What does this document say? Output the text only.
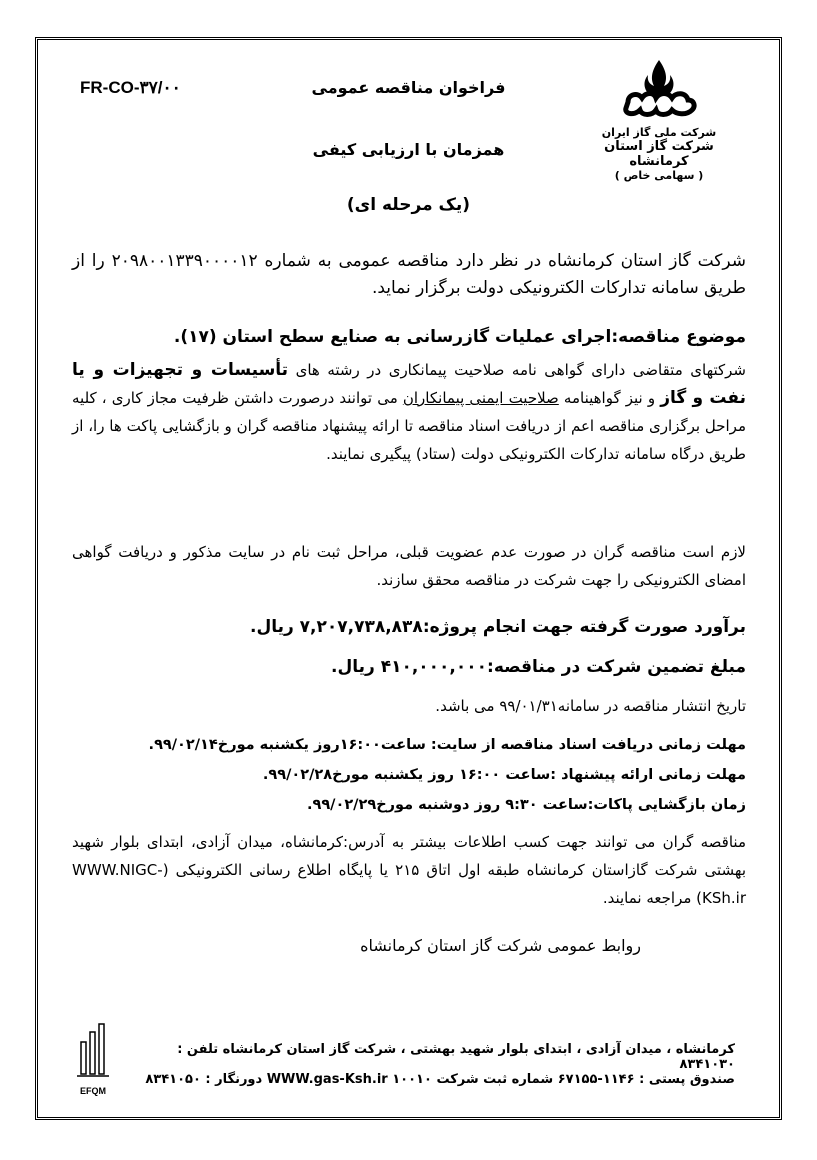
FR-CO-۳۷/۰۰	فراخوان مناقصه عمومی
همزمان با ارزیابی کیفی
(یک مرحله ای)
شرکت ملی گاز ایران
شرکت گاز استان کرمانشاه
( سهامی خاص )

شرکت گاز استان کرمانشاه در نظر دارد مناقصه عمومی به شماره ۲۰۹۸۰۰۱۳۳۹۰۰۰۰۱۲ را از طریق سامانه تدارکات الکترونیکی دولت برگزار نماید.

موضوع مناقصه:اجرای عملیات گازرسانی به صنایع سطح استان (۱۷).

شرکتهای متقاضی دارای گواهی نامه صلاحیت پیمانکاری در رشته های تأسیسات و تجهیزات و یا نفت و گاز و نیز گواهینامه صلاحیت ایمنی پیمانکاران می توانند درصورت داشتن ظرفیت مجاز کاری ، کلیه مراحل برگزاری مناقصه اعم از دریافت اسناد مناقصه تا ارائه پیشنهاد مناقصه گران و بازگشایی پاکت ها را، از طریق درگاه سامانه تدارکات الکترونیکی دولت (ستاد) پیگیری نمایند.

لازم است مناقصه گران در صورت عدم عضویت قبلی، مراحل ثبت نام در سایت مذکور و دریافت گواهی امضای الکترونیکی را جهت شرکت در مناقصه محقق سازند.

برآورد صورت گرفته جهت انجام پروژه:۷,۲۰۷,۷۳۸,۸۳۸ ریال.

مبلغ تضمین شرکت در مناقصه:۴۱۰,۰۰۰,۰۰۰ ریال.

تاریخ انتشار مناقصه در سامانه۹۹/۰۱/۳۱ می باشد.

مهلت زمانی دریافت اسناد مناقصه از سایت: ساعت۱۶:۰۰روز یکشنبه مورخ۹۹/۰۲/۱۴.

مهلت زمانی ارائه پیشنهاد :ساعت ۱۶:۰۰ روز یکشنبه مورخ۹۹/۰۲/۲۸.

زمان بازگشایی پاکات:ساعت ۹:۳۰ روز دوشنبه مورخ۹۹/۰۲/۲۹.

مناقصه گران می توانند جهت کسب اطلاعات بیشتر به آدرس:کرمانشاه، میدان آزادی، ابتدای بلوار شهید بهشتی شرکت گازاستان کرمانشاه طبقه اول اتاق ۲۱۵ یا پایگاه اطلاع رسانی الکترونیکی (WWW.NIGC-KSh.ir) مراجعه نمایند.

روابط عمومی شرکت گاز استان کرمانشاه
کرمانشاه ، میدان آزادی ، ابتدای بلوار شهید بهشتی ، شرکت گاز استان کرمانشاه تلفن : ۸۳۴۱۰۳۰
صندوق پستی : ۱۱۴۶-۶۷۱۵۵ شماره ثبت شرکت ۱۰۰۱۰ WWW.gas-Ksh.ir دورنگار : ۸۳۴۱۰۵۰
EFQM
